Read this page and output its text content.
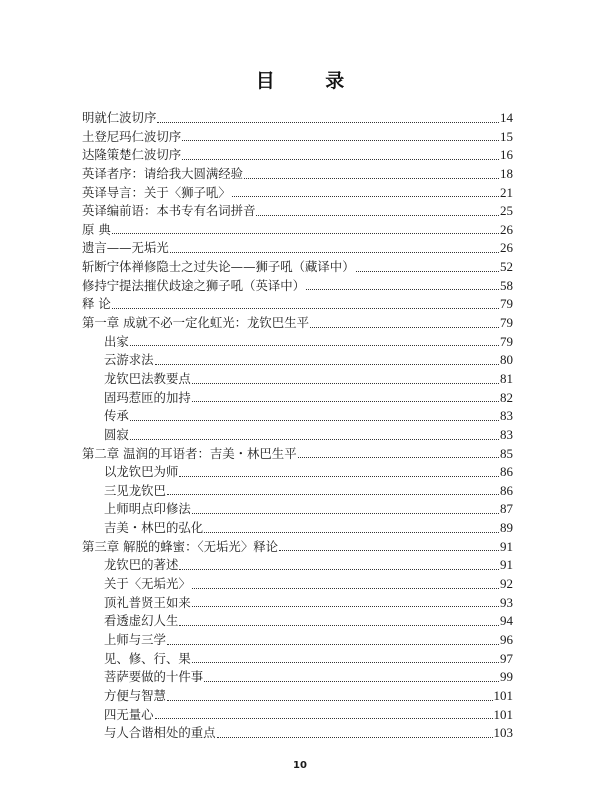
目 录
明就仁波切序	14
土登尼玛仁波切序	15
达隆策楚仁波切序	16
英译者序：请给我大圆满经验	18
英译导言：关于〈狮子吼〉	21
英译编前语：本书专有名词拼音	25
原 典	26
遗言——无垢光	26
斩断宁体禅修隐士之过失论——狮子吼（藏译中）	52
修持宁提法摧伏歧途之狮子吼（英译中）	58
释 论	79
第一章 成就不必一定化虹光：龙钦巴生平	79
出家	79
云游求法	80
龙钦巴法教要点	81
固玛惹匝的加持	82
传承	83
圆寂	83
第二章 温润的耳语者：吉美・林巴生平	85
以龙钦巴为师	86
三见龙钦巴	86
上师明点印修法	87
吉美・林巴的弘化	89
第三章 解脱的蜂蜜：〈无垢光〉释论	91
龙钦巴的著述	91
关于〈无垢光〉	92
顶礼普贤王如来	93
看透虚幻人生	94
上师与三学	96
见、修、行、果	97
菩萨要做的十件事	99
方便与智慧	101
四无量心	101
与人合谐相处的重点	103
10
